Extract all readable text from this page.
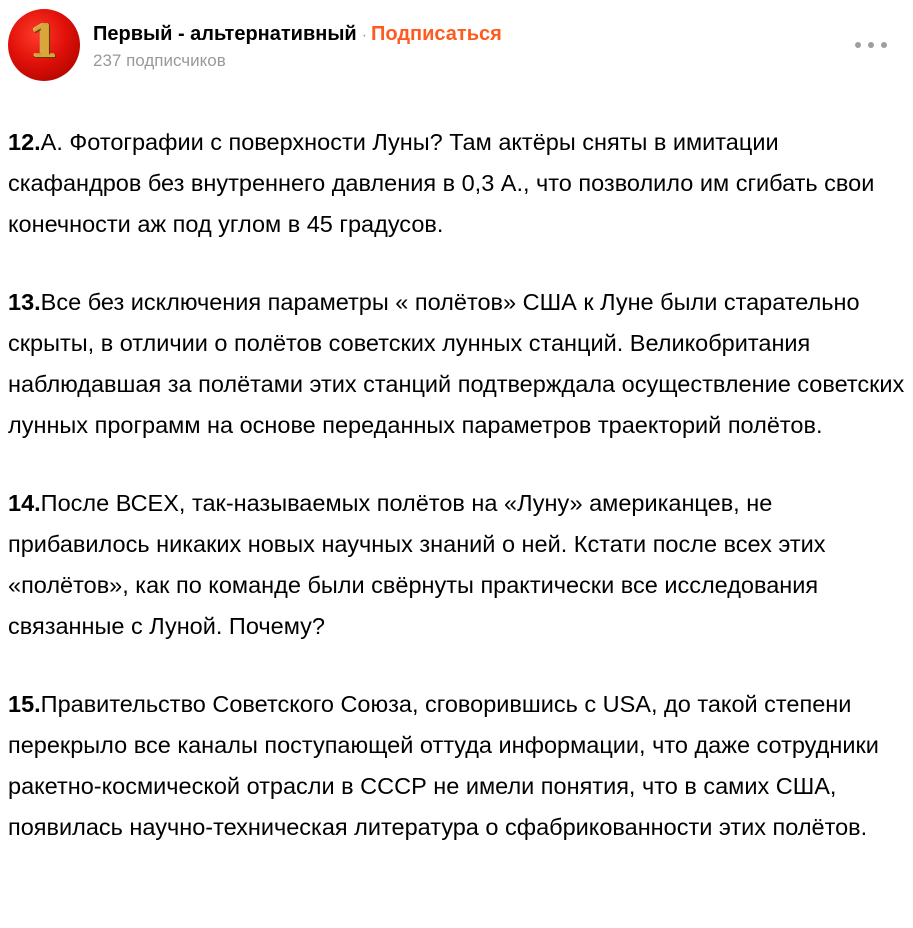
1	Первый - альтернативный · Подписаться
237 подписчиков

12.А. Фотографии с поверхности Луны? Там актёры сняты в имитации скафандров без внутреннего давления в 0,3 А., что позволило им сгибать свои конечности аж под углом в 45 градусов.

13.Все без исключения параметры « полётов» США к Луне были старательно скрыты, в отличии о полётов советских лунных станций. Великобритания наблюдавшая за полётами этих станций подтверждала осуществление советских лунных программ на основе переданных параметров траекторий полётов.

14.После ВСЕХ, так-называемых полётов на «Луну» американцев, не прибавилось никаких новых научных знаний о ней. Кстати после всех этих «полётов», как по команде были свёрнуты практически все исследования связанные с Луной. Почему?

15.Правительство Советского Союза, сговорившись с USA, до такой степени перекрыло все каналы поступающей оттуда информации, что даже сотрудники ракетно-космической отрасли в СССР не имели понятия, что в самих США, появилась научно-техническая литература о сфабрикованности этих полётов.
